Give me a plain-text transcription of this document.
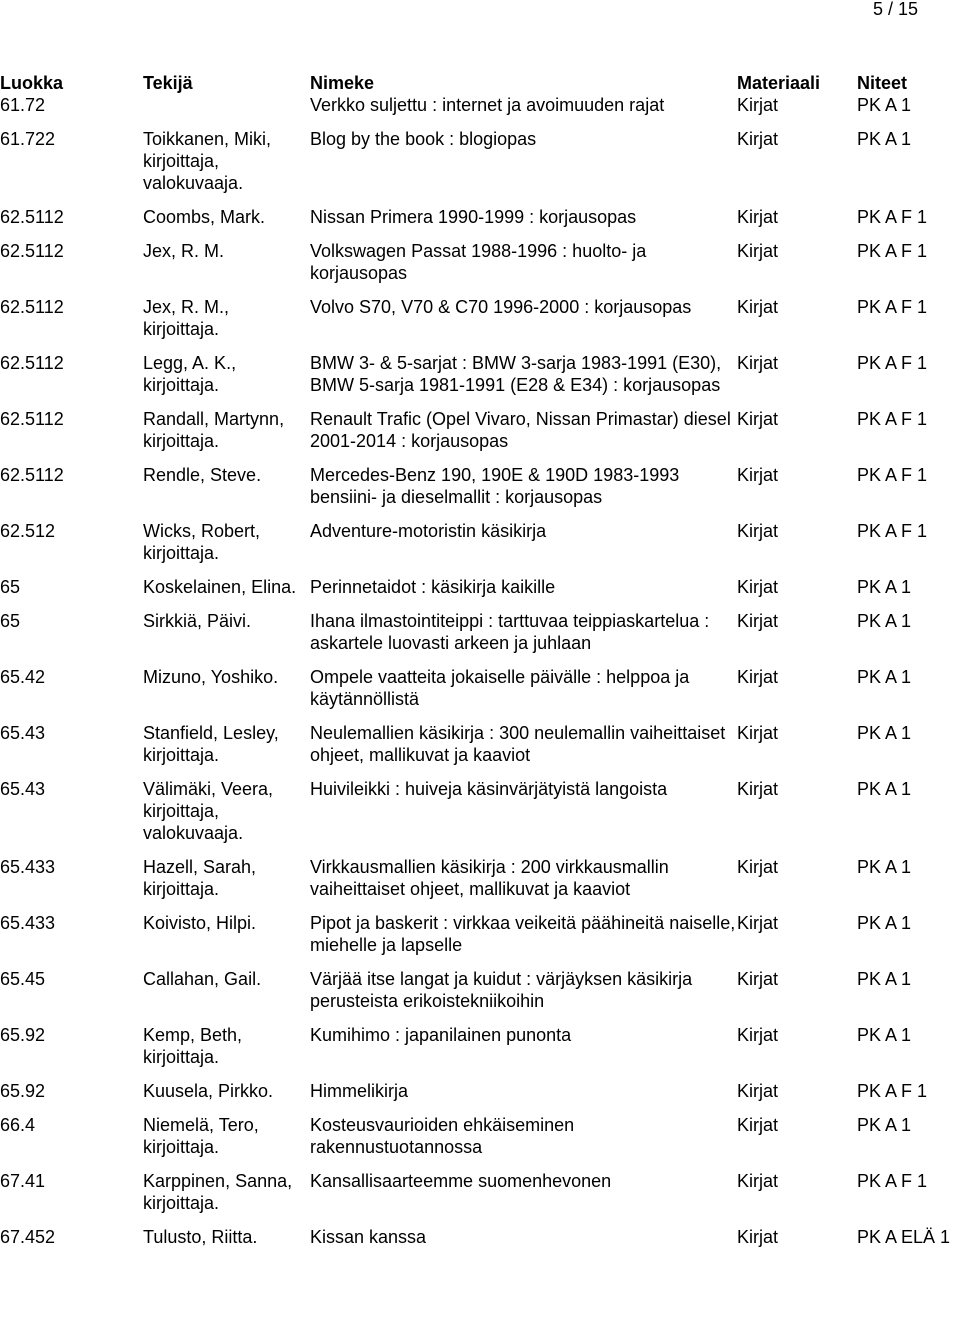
5 / 15
Luokka	Tekijä	Nimeke	Materiaali	Niteet
61.72		Verkko suljettu : internet ja avoimuuden rajat	Kirjat	PK A 1
61.722	Toikkanen, Miki, kirjoittaja, valokuvaaja.	Blog by the book : blogiopas	Kirjat	PK A 1
62.5112	Coombs, Mark.	Nissan Primera 1990-1999 : korjausopas	Kirjat	PK A F 1
62.5112	Jex, R. M.	Volkswagen Passat 1988-1996 : huolto- ja korjausopas	Kirjat	PK A F 1
62.5112	Jex, R. M., kirjoittaja.	Volvo S70, V70 & C70 1996-2000 : korjausopas	Kirjat	PK A F 1
62.5112	Legg, A. K., kirjoittaja.	BMW 3- & 5-sarjat : BMW 3-sarja 1983-1991 (E30), BMW 5-sarja 1981-1991 (E28 & E34) : korjausopas	Kirjat	PK A F 1
62.5112	Randall, Martynn, kirjoittaja.	Renault Trafic (Opel Vivaro, Nissan Primastar) diesel 2001-2014 : korjausopas	Kirjat	PK A F 1
62.5112	Rendle, Steve.	Mercedes-Benz 190, 190E & 190D 1983-1993 bensiini- ja dieselmallit : korjausopas	Kirjat	PK A F 1
62.512	Wicks, Robert, kirjoittaja.	Adventure-motoristin käsikirja	Kirjat	PK A F 1
65	Koskelainen, Elina.	Perinnetaidot : käsikirja kaikille	Kirjat	PK A 1
65	Sirkkiä, Päivi.	Ihana ilmastointiteippi : tarttuvaa teippiaskartelua : askartele luovasti arkeen ja juhlaan	Kirjat	PK A 1
65.42	Mizuno, Yoshiko.	Ompele vaatteita jokaiselle päivälle : helppoa ja käytännöllistä	Kirjat	PK A 1
65.43	Stanfield, Lesley, kirjoittaja.	Neulemallien käsikirja : 300 neulemallin vaiheittaiset ohjeet, mallikuvat ja kaaviot	Kirjat	PK A 1
65.43	Välimäki, Veera, kirjoittaja, valokuvaaja.	Huivileikki : huiveja käsinvärjätyistä langoista	Kirjat	PK A 1
65.433	Hazell, Sarah, kirjoittaja.	Virkkausmallien käsikirja : 200 virkkausmallin vaiheittaiset ohjeet, mallikuvat ja kaaviot	Kirjat	PK A 1
65.433	Koivisto, Hilpi.	Pipot ja baskerit : virkkaa veikeitä päähineitä naiselle, miehelle ja lapselle	Kirjat	PK A 1
65.45	Callahan, Gail.	Värjää itse langat ja kuidut : värjäyksen käsikirja perusteista erikoistekniikoihin	Kirjat	PK A 1
65.92	Kemp, Beth, kirjoittaja.	Kumihimo : japanilainen punonta	Kirjat	PK A 1
65.92	Kuusela, Pirkko.	Himmelikirja	Kirjat	PK A F 1
66.4	Niemelä, Tero, kirjoittaja.	Kosteusvaurioiden ehkäiseminen rakennustuotannossa	Kirjat	PK A 1
67.41	Karppinen, Sanna, kirjoittaja.	Kansallisaarteemme suomenhevonen	Kirjat	PK A F 1
67.452	Tulusto, Riitta.	Kissan kanssa	Kirjat	PK A ELÄ 1
